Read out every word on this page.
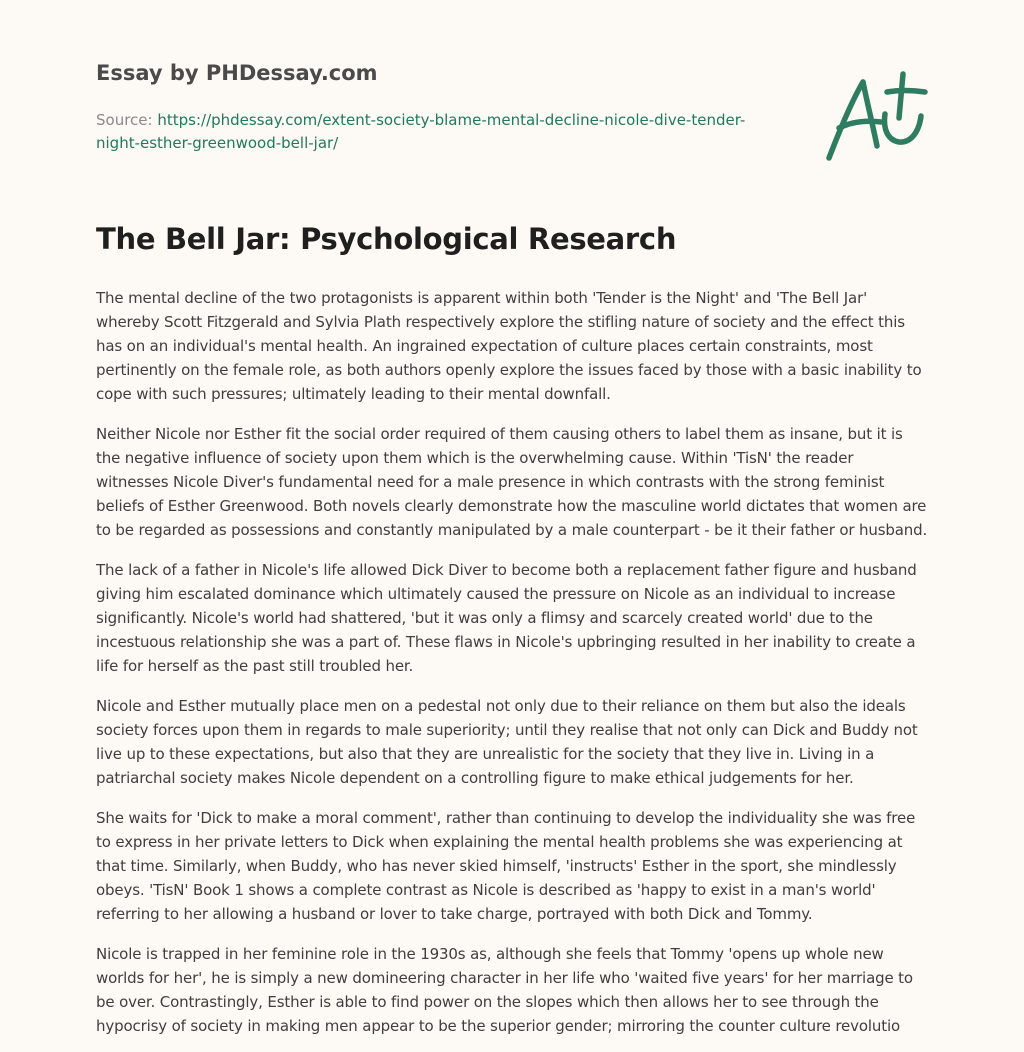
Essay by PHDessay.com
Source: https://phdessay.com/extent-society-blame-mental-decline-nicole-dive-tender-night-esther-greenwood-bell-jar/
The Bell Jar: Psychological Research

The mental decline of the two protagonists is apparent within both 'Tender is the Night' and 'The Bell Jar' whereby Scott Fitzgerald and Sylvia Plath respectively explore the stifling nature of society and the effect this has on an individual's mental health. An ingrained expectation of culture places certain constraints, most pertinently on the female role, as both authors openly explore the issues faced by those with a basic inability to cope with such pressures; ultimately leading to their mental downfall.

Neither Nicole nor Esther fit the social order required of them causing others to label them as insane, but it is the negative influence of society upon them which is the overwhelming cause. Within 'TisN' the reader witnesses Nicole Diver's fundamental need for a male presence in which contrasts with the strong feminist beliefs of Esther Greenwood. Both novels clearly demonstrate how the masculine world dictates that women are to be regarded as possessions and constantly manipulated by a male counterpart - be it their father or husband.

The lack of a father in Nicole's life allowed Dick Diver to become both a replacement father figure and husband giving him escalated dominance which ultimately caused the pressure on Nicole as an individual to increase significantly. Nicole's world had shattered, 'but it was only a flimsy and scarcely created world' due to the incestuous relationship she was a part of. These flaws in Nicole's upbringing resulted in her inability to create a life for herself as the past still troubled her.

Nicole and Esther mutually place men on a pedestal not only due to their reliance on them but also the ideals society forces upon them in regards to male superiority; until they realise that not only can Dick and Buddy not live up to these expectations, but also that they are unrealistic for the society that they live in. Living in a patriarchal society makes Nicole dependent on a controlling figure to make ethical judgements for her.

She waits for 'Dick to make a moral comment', rather than continuing to develop the individuality she was free to express in her private letters to Dick when explaining the mental health problems she was experiencing at that time. Similarly, when Buddy, who has never skied himself, 'instructs' Esther in the sport, she mindlessly obeys. 'TisN' Book 1 shows a complete contrast as Nicole is described as 'happy to exist in a man's world' referring to her allowing a husband or lover to take charge, portrayed with both Dick and Tommy.

Nicole is trapped in her feminine role in the 1930s as, although she feels that Tommy 'opens up whole new worlds for her', he is simply a new domineering character in her life who 'waited five years' for her marriage to be over. Contrastingly, Esther is able to find power on the slopes which then allows her to see through the hypocrisy of society in making men appear to be the superior gender; mirroring the counter culture revolutio
